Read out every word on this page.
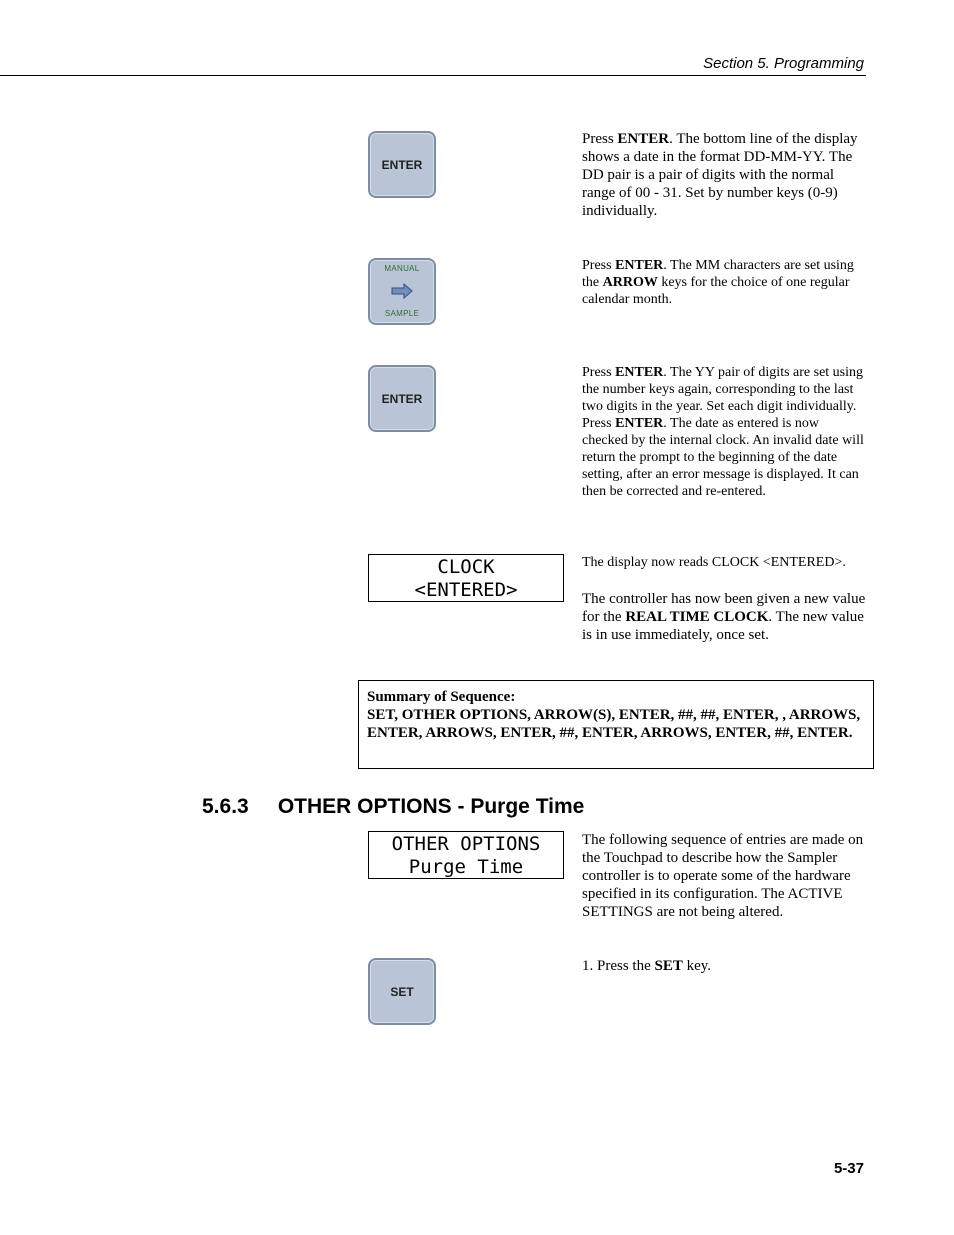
Section 5. Programming
ENTER

Press ENTER. The bottom line of the display shows a date in the format DD-MM-YY. The DD pair is a pair of digits with the normal range of 00 - 31. Set by number keys (0-9) individually.

MANUAL
SAMPLE

Press ENTER. The MM characters are set using the ARROW keys for the choice of one regular calendar month.

ENTER

Press ENTER. The YY pair of digits are set using the number keys again, corresponding to the last two digits in the year. Set each digit individually. Press ENTER. The date as entered is now checked by the internal clock. An invalid date will return the prompt to the beginning of the date setting, after an error message is displayed. It can then be corrected and re-entered.

CLOCK
<ENTERED>

The display now reads CLOCK <ENTERED>.

The controller has now been given a new value for the REAL TIME CLOCK. The new value is in use immediately, once set.

Summary of Sequence:
SET, OTHER OPTIONS, ARROW(S), ENTER, ##, ##, ENTER, , ARROWS, ENTER, ARROWS, ENTER, ##, ENTER, ARROWS, ENTER, ##, ENTER.
5.6.3 OTHER OPTIONS - Purge Time
OTHER OPTIONS
Purge Time
The following sequence of entries are made on the Touchpad to describe how the Sampler controller is to operate some of the hardware specified in its configuration. The ACTIVE SETTINGS are not being altered.
SET

1. Press the SET key.

5-37
